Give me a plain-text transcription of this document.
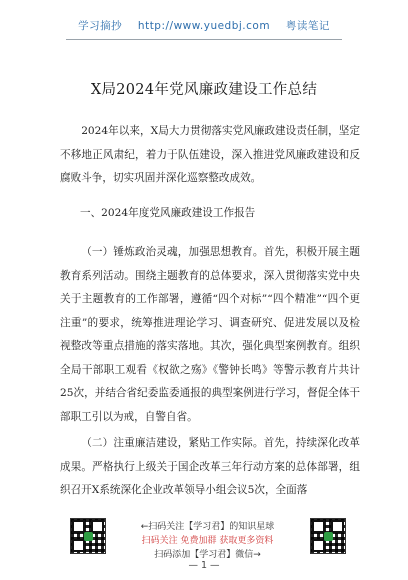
学习摘抄 http://www.yuedbj.com 粤读笔记
X局2024年党风廉政建设工作总结

2024年以来，X局大力贯彻落实党风廉政建设责任制，坚定不移地正风肃纪，着力于队伍建设，深入推进党风廉政建设和反腐败斗争，切实巩固并深化巡察整改成效。

一、2024年度党风廉政建设工作报告

（一）锤炼政治灵魂，加强思想教育。首先，积极开展主题教育系列活动。围绕主题教育的总体要求，深入贯彻落实党中央关于主题教育的工作部署，遵循“四个对标”“四个精准”“四个更注重”的要求，统筹推进理论学习、调查研究、促进发展以及检视整改等重点措施的落实落地。其次，强化典型案例教育。组织全局干部职工观看《权欲之殇》《警钟长鸣》等警示教育片共计25次，并结合省纪委监委通报的典型案例进行学习，督促全体干部职工引以为戒，自警自省。

（二）注重廉洁建设，紧贴工作实际。首先，持续深化改革成果。严格执行上级关于国企改革三年行动方案的总体部署，组织召开X系统深化企业改革领导小组会议5次，全面落

←扫码关注【学习君】的知识星球
扫码关注 免费加群 获取更多资料
扫码添加【学习君】微信→
— 1 —
